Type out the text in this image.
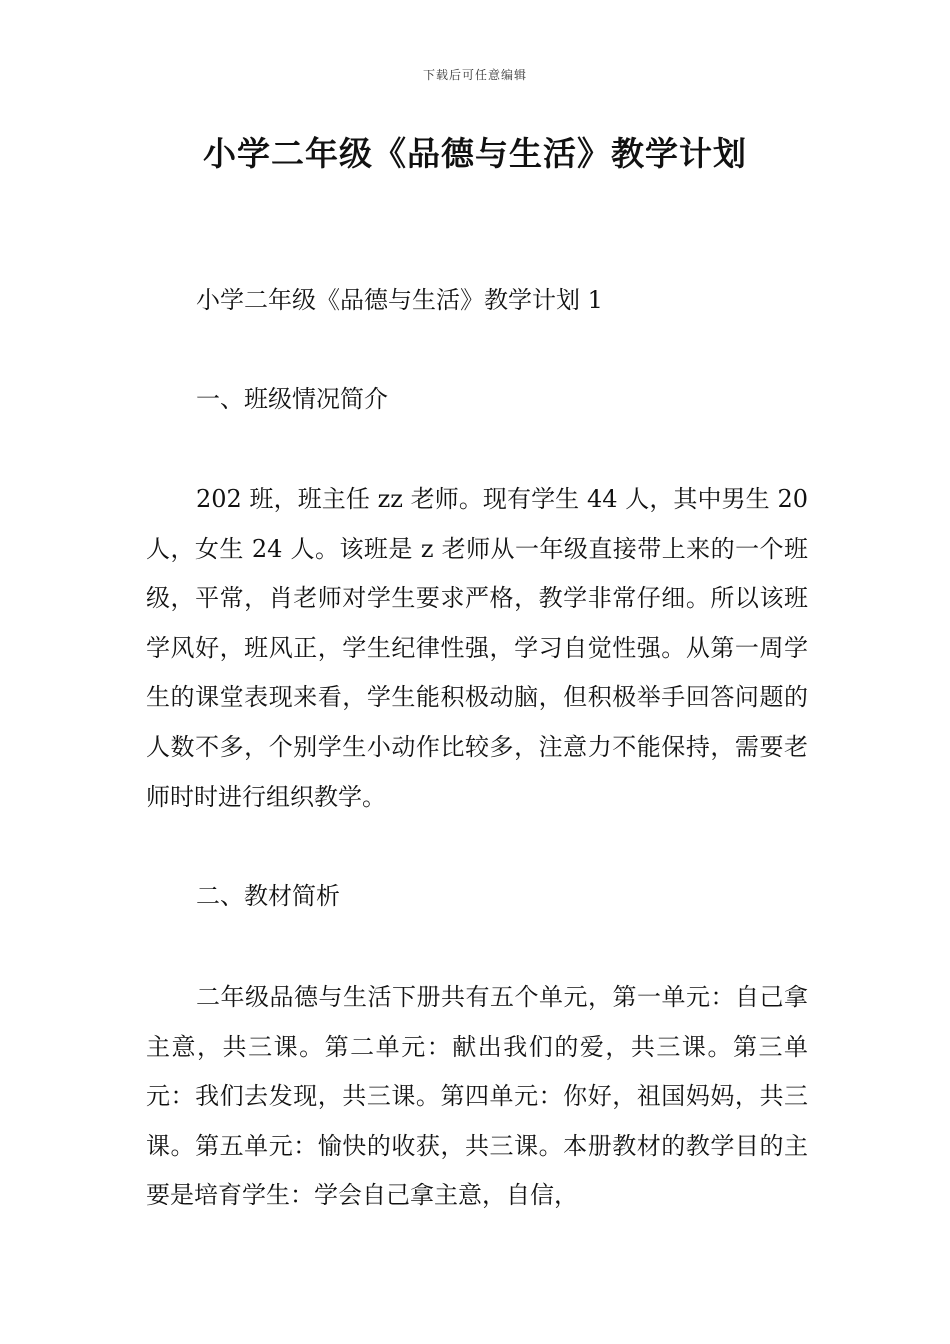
下载后可任意编辑
小学二年级《品德与生活》教学计划
小学二年级《品德与生活》教学计划 1
一、班级情况简介

202 班，班主任 zz 老师。现有学生 44 人，其中男生 20 人，女生 24 人。该班是 z 老师从一年级直接带上来的一个班级，平常，肖老师对学生要求严格，教学非常仔细。所以该班学风好，班风正，学生纪律性强，学习自觉性强。从第一周学生的课堂表现来看，学生能积极动脑，但积极举手回答问题的人数不多，个别学生小动作比较多，注意力不能保持，需要老师时时进行组织教学。

二、教材简析

二年级品德与生活下册共有五个单元，第一单元：自己拿主意，共三课。第二单元：献出我们的爱，共三课。第三单元：我们去发现，共三课。第四单元：你好，祖国妈妈，共三课。第五单元：愉快的收获，共三课。本册教材的教学目的主要是培育学生：学会自己拿主意，自信，
